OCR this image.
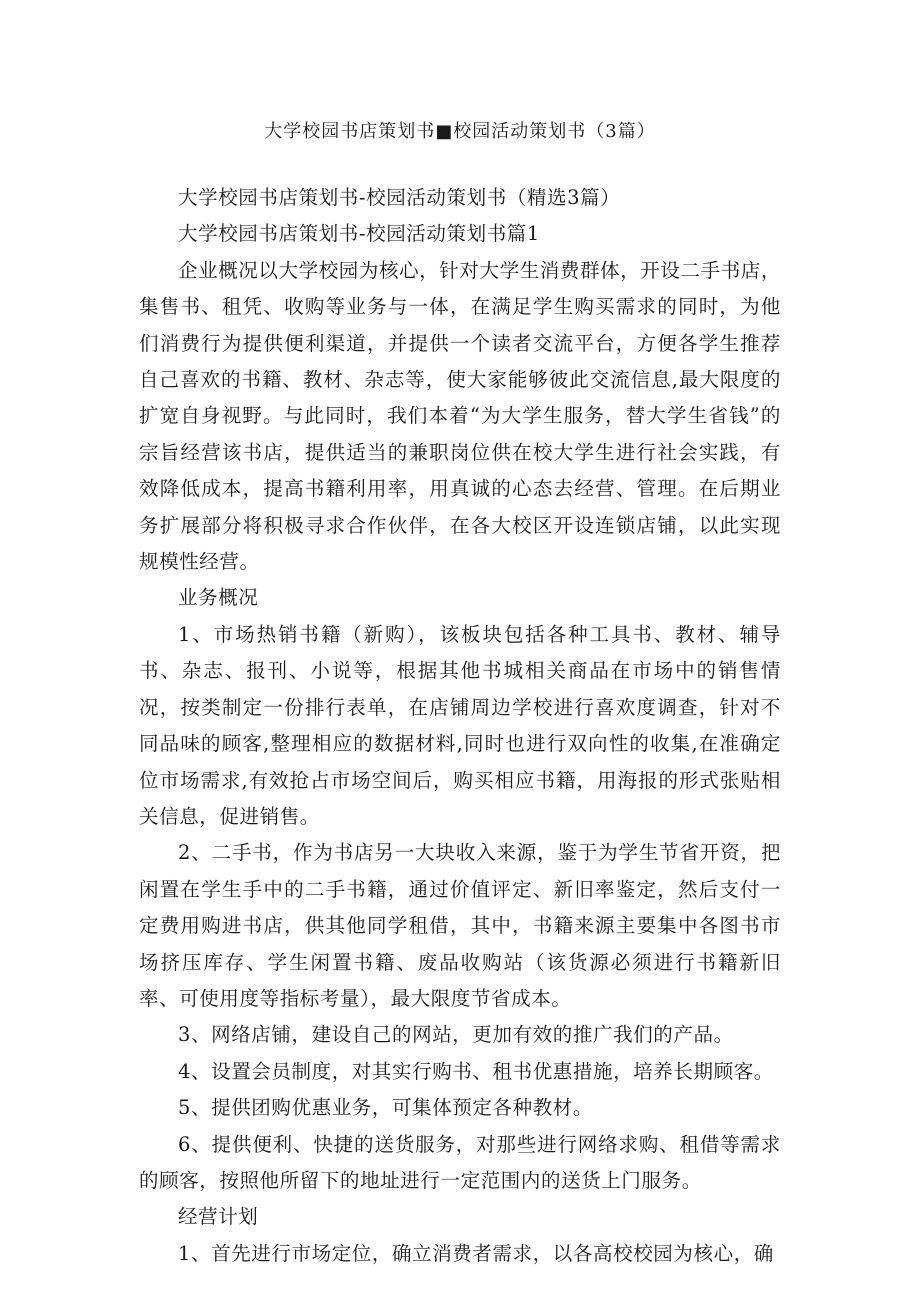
大学校园书店策划书■校园活动策划书（3篇）

大学校园书店策划书-校园活动策划书（精选3篇）

大学校园书店策划书-校园活动策划书篇1

企业概况以大学校园为核心，针对大学生消费群体，开设二手书店，集售书、租凭、收购等业务与一体，在满足学生购买需求的同时，为他们消费行为提供便利渠道，并提供一个读者交流平台，方便各学生推荐自己喜欢的书籍、教材、杂志等，使大家能够彼此交流信息,最大限度的扩宽自身视野。与此同时，我们本着“为大学生服务，替大学生省钱”的宗旨经营该书店，提供适当的兼职岗位供在校大学生进行社会实践，有效降低成本，提高书籍利用率，用真诚的心态去经营、管理。在后期业务扩展部分将积极寻求合作伙伴，在各大校区开设连锁店铺，以此实现规模性经营。

业务概况

1、市场热销书籍（新购），该板块包括各种工具书、教材、辅导书、杂志、报刊、小说等，根据其他书城相关商品在市场中的销售情况，按类制定一份排行表单，在店铺周边学校进行喜欢度调查，针对不同品味的顾客,整理相应的数据材料,同时也进行双向性的收集,在准确定位市场需求,有效抢占市场空间后，购买相应书籍，用海报的形式张贴相关信息，促进销售。

2、二手书，作为书店另一大块收入来源，鉴于为学生节省开资，把闲置在学生手中的二手书籍，通过价值评定、新旧率鉴定，然后支付一定费用购进书店，供其他同学租借，其中，书籍来源主要集中各图书市场挤压库存、学生闲置书籍、废品收购站（该货源必须进行书籍新旧率、可使用度等指标考量），最大限度节省成本。

3、网络店铺，建设自己的网站，更加有效的推广我们的产品。

4、设置会员制度，对其实行购书、租书优惠措施，培养长期顾客。

5、提供团购优惠业务，可集体预定各种教材。

6、提供便利、快捷的送货服务，对那些进行网络求购、租借等需求的顾客，按照他所留下的地址进行一定范围内的送货上门服务。

经营计划

1、首先进行市场定位，确立消费者需求，以各高校校园为核心，确
